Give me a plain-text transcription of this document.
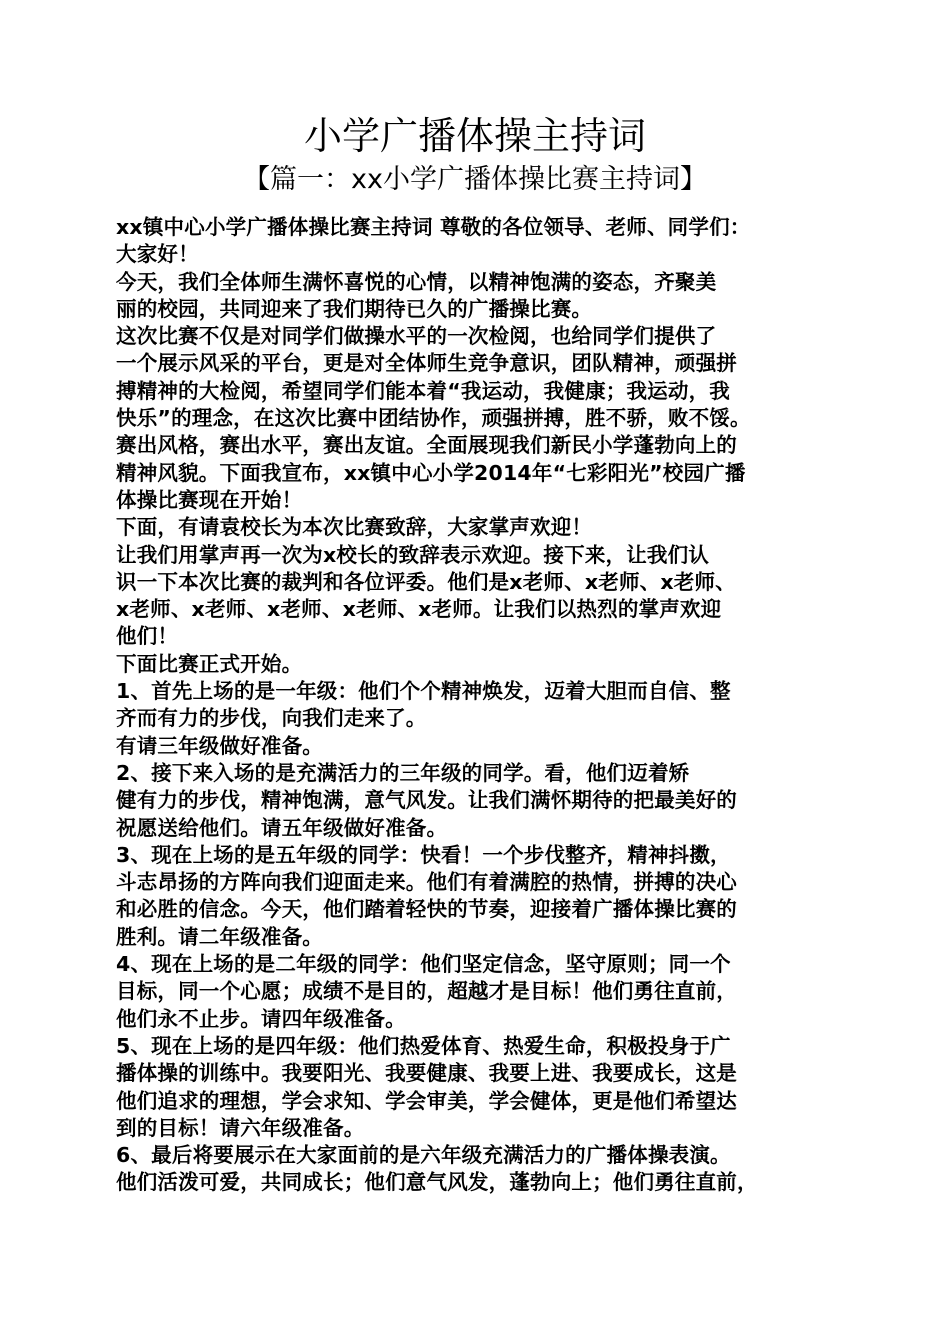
小学广播体操主持词
【篇一：xx小学广播体操比赛主持词】
xx镇中心小学广播体操比赛主持词 尊敬的各位领导、老师、同学们：
大家好！
今天，我们全体师生满怀喜悦的心情，以精神饱满的姿态，齐聚美
丽的校园，共同迎来了我们期待已久的广播操比赛。
这次比赛不仅是对同学们做操水平的一次检阅，也给同学们提供了
一个展示风采的平台，更是对全体师生竞争意识，团队精神，顽强拼
搏精神的大检阅，希望同学们能本着“我运动，我健康；我运动，我
快乐”的理念，在这次比赛中团结协作，顽强拼搏，胜不骄，败不馁。
赛出风格，赛出水平，赛出友谊。全面展现我们新民小学蓬勃向上的
精神风貌。下面我宣布，xx镇中心小学2014年“七彩阳光”校园广播
体操比赛现在开始！
下面，有请袁校长为本次比赛致辞，大家掌声欢迎！
让我们用掌声再一次为x校长的致辞表示欢迎。接下来，让我们认
识一下本次比赛的裁判和各位评委。他们是x老师、x老师、x老师、
x老师、x老师、x老师、x老师、x老师。让我们以热烈的掌声欢迎
他们！
下面比赛正式开始。
1、首先上场的是一年级：他们个个精神焕发，迈着大胆而自信、整
齐而有力的步伐，向我们走来了。
有请三年级做好准备。
2、接下来入场的是充满活力的三年级的同学。看，他们迈着矫
健有力的步伐，精神饱满，意气风发。让我们满怀期待的把最美好的
祝愿送给他们。请五年级做好准备。
3、现在上场的是五年级的同学：快看！一个步伐整齐，精神抖擞，
斗志昂扬的方阵向我们迎面走来。他们有着满腔的热情，拼搏的决心
和必胜的信念。今天，他们踏着轻快的节奏，迎接着广播体操比赛的
胜利。请二年级准备。
4、现在上场的是二年级的同学：他们坚定信念，坚守原则；同一个
目标，同一个心愿；成绩不是目的，超越才是目标！他们勇往直前，
他们永不止步。请四年级准备。
5、现在上场的是四年级：他们热爱体育、热爱生命，积极投身于广
播体操的训练中。我要阳光、我要健康、我要上进、我要成长，这是
他们追求的理想，学会求知、学会审美，学会健体，更是他们希望达
到的目标！请六年级准备。
6、最后将要展示在大家面前的是六年级充满活力的广播体操表演。
他们活泼可爱，共同成长；他们意气风发，蓬勃向上；他们勇往直前，
